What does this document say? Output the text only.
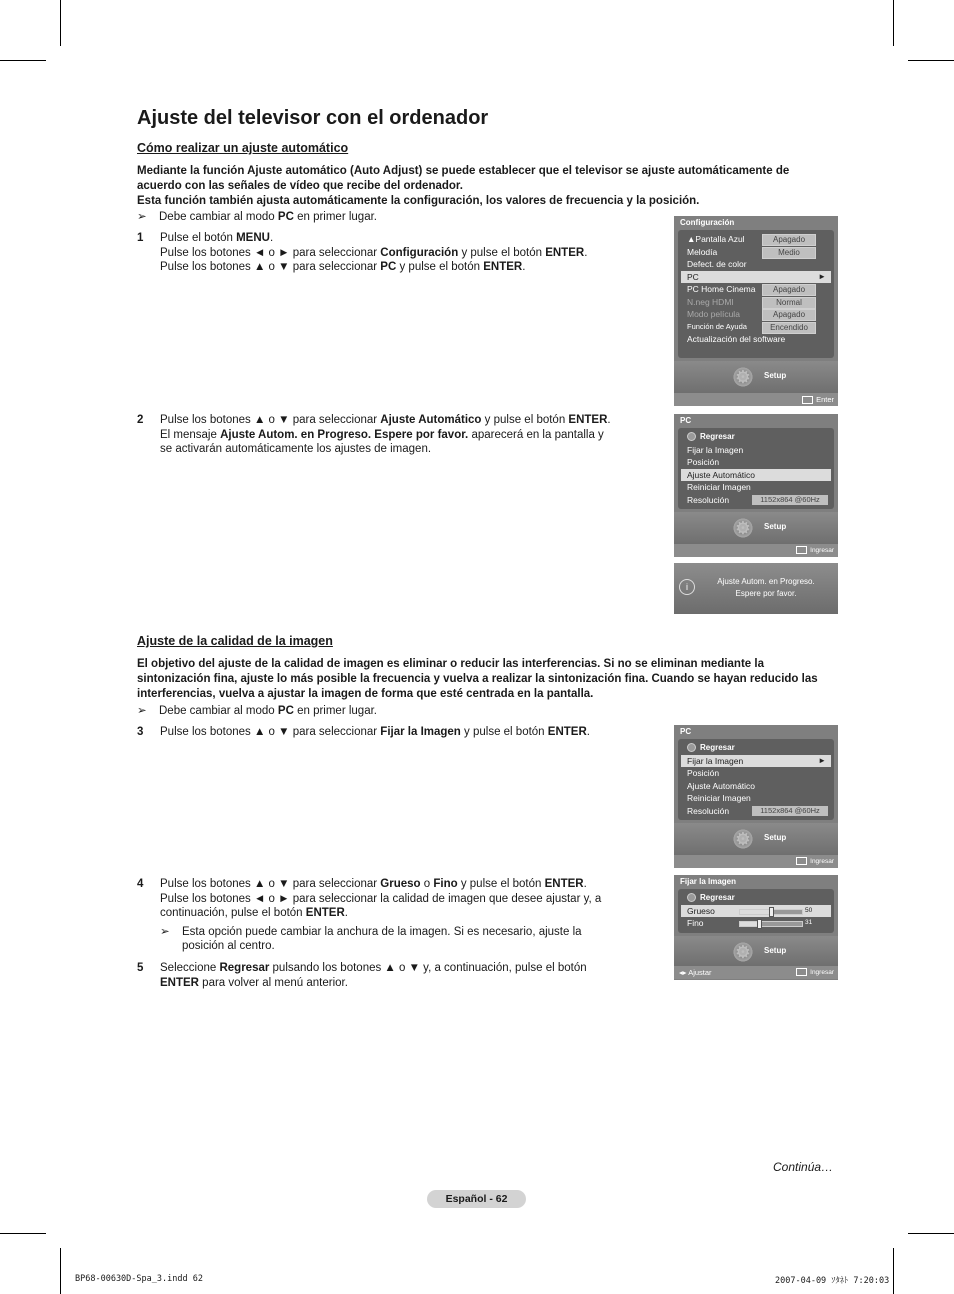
Ajuste del televisor con el ordenador
Cómo realizar un ajuste automático
Mediante la función Ajuste automático (Auto Adjust) se puede establecer que el televisor se ajuste automáticamente de acuerdo con las señales de vídeo que recibe del ordenador.
Esta función también ajusta automáticamente la configuración, los valores de frecuencia y la posición.
➢ Debe cambiar al modo PC en primer lugar.
1 Pulse el botón MENU.
Pulse los botones ◄ o ► para seleccionar Configuración y pulse el botón ENTER.
Pulse los botones ▲ o ▼ para seleccionar PC y pulse el botón ENTER.
2 Pulse los botones ▲ o ▼ para seleccionar Ajuste Automático y pulse el botón ENTER.
El mensaje Ajuste Autom. en Progreso. Espere por favor. aparecerá en la pantalla y se activarán automáticamente los ajustes de imagen.
Configuración
▲Pantalla Azul	Apagado
Melodía	Medio
Defect. de color
PC	►
PC Home Cinema	Apagado
N.neg HDMI	Normal
Modo película	Apagado
Función de Ayuda	Encendido
Actualización del software
⚙	Setup
Enter
PC
Regresar
Fijar la Imagen
Posición
Ajuste Automático
Reiniciar Imagen
Resolución	1152x864 @60Hz
⚙	Setup
Ingresar
i
Ajuste Autom. en Progreso.
Espere por favor.
Ajuste de la calidad de la imagen
El objetivo del ajuste de la calidad de imagen es eliminar o reducir las interferencias. Si no se eliminan mediante la sintonización fina, ajuste lo más posible la frecuencia y vuelva a realizar la sintonización fina. Cuando se hayan reducido las interferencias, vuelva a ajustar la imagen de forma que esté centrada en la pantalla.
➢ Debe cambiar al modo PC en primer lugar.
3 Pulse los botones ▲ o ▼ para seleccionar Fijar la Imagen y pulse el botón ENTER.
4 Pulse los botones ▲ o ▼ para seleccionar Grueso o Fino y pulse el botón ENTER.
Pulse los botones ◄ o ► para seleccionar la calidad de imagen que desee ajustar y, a continuación, pulse el botón ENTER.
➢ Esta opción puede cambiar la anchura de la imagen. Si es necesario, ajuste la posición al centro.
5 Seleccione Regresar pulsando los botones ▲ o ▼ y, a continuación, pulse el botón ENTER para volver al menú anterior.
PC
Regresar
Fijar la Imagen	►
Posición
Ajuste Automático
Reiniciar Imagen
Resolución	1152x864 @60Hz
⚙	Setup
Ingresar
Fijar la Imagen
Regresar
Grueso	50
Fino	31
⚙	Setup
◂▸ Ajustar	Ingresar
Continúa…
Español - 62
BP68-00630D-Spa_3.indd 62	2007-04-09 ｿﾀﾈﾄ 7:20:03
